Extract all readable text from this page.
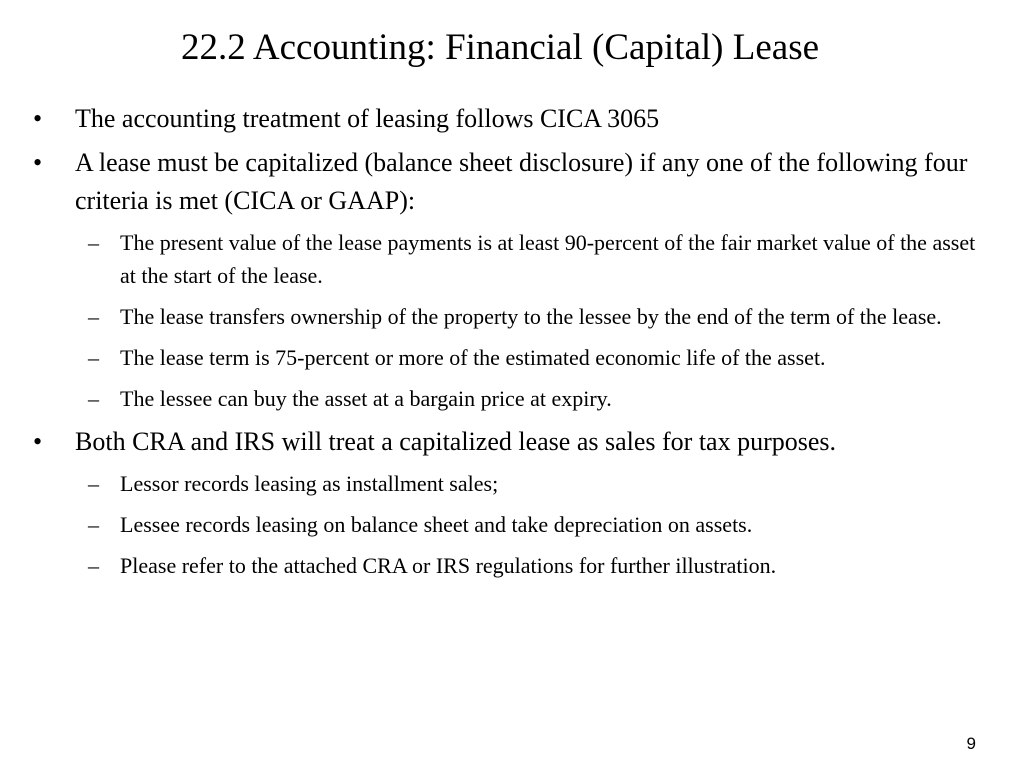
22.2 Accounting: Financial (Capital) Lease
• The accounting treatment of leasing follows CICA 3065
• A lease must be capitalized (balance sheet disclosure) if any one of the following four criteria is met (CICA or GAAP):
– The present value of the lease payments is at least 90-percent of the fair market value of the asset at the start of the lease.
– The lease transfers ownership of the property to the lessee by the end of the term of the lease.
– The lease term is 75-percent or more of the estimated economic life of the asset.
– The lessee can buy the asset at a bargain price at expiry.
• Both CRA and IRS will treat a capitalized lease as sales for tax purposes.
– Lessor records leasing as installment sales;
– Lessee records leasing on balance sheet and take depreciation on assets.
– Please refer to the attached CRA or IRS regulations for further illustration.
9
